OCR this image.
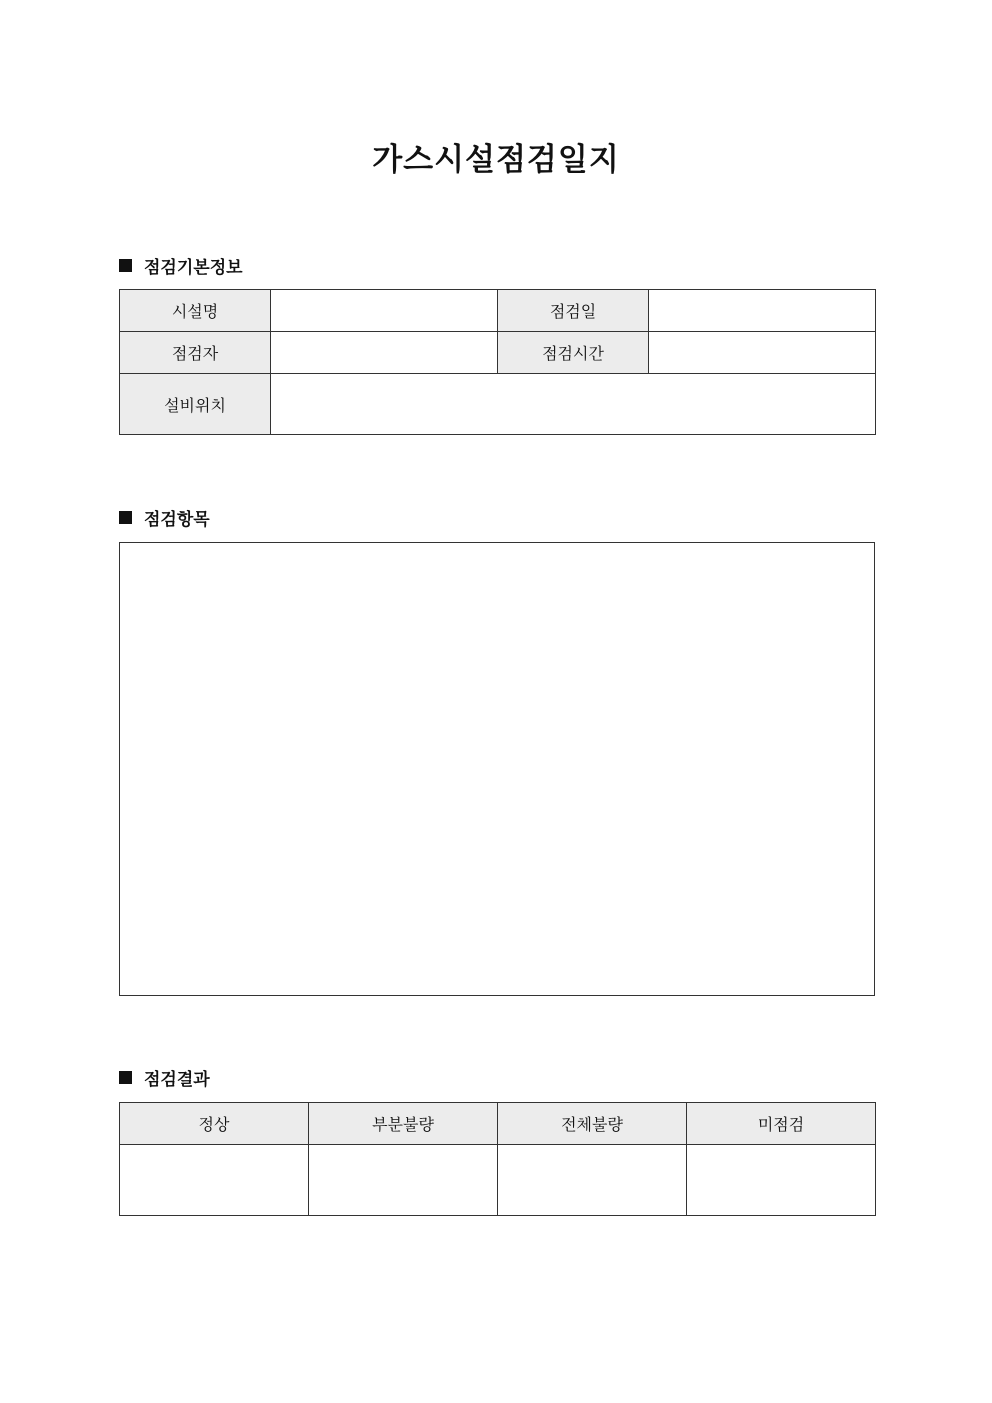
가스시설점검일지
점검기본정보
시설명		점검일	
점검자		점검시간	
설비위치			
점검항목
점검결과
정상	부분불량	전체불량	미점검
